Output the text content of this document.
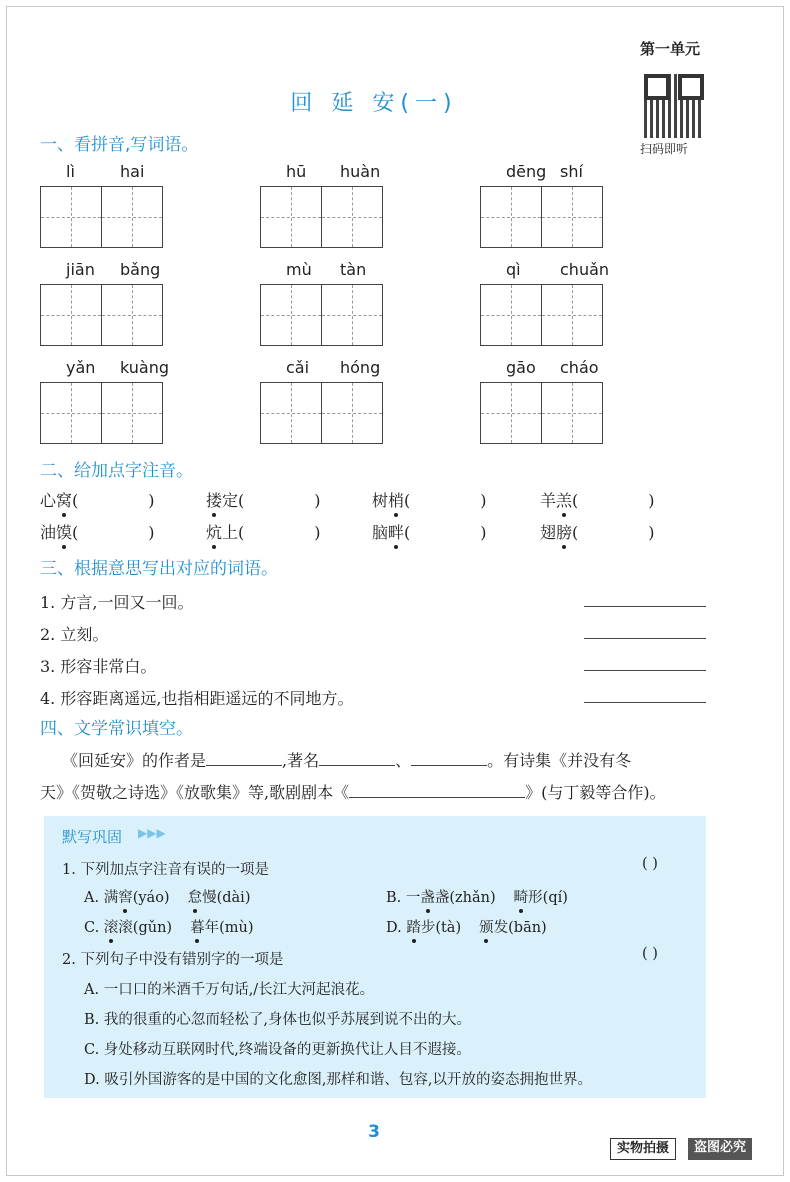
第一单元
扫码即听
回 延 安(一)
一、看拼音,写词语。
lì	hai	hū huàn	dēng shí
jiān bǎng	mù tàn	qì chuǎn
yǎn kuàng	cǎi hóng	gāo cháo
二、给加点字注音。
心窝(	)	搂定(	)	树梢(	)	羊羔(	)
油馍(	)	炕上(	)	脑畔(	)	翅膀(	)
三、根据意思写出对应的词语。
1. 方言,一回又一回。
2. 立刻。
3. 形容非常白。
4. 形容距离遥远,也指相距遥远的不同地方。
四、文学常识填空。
《回延安》的作者是	,著名	、	。有诗集《并没有冬
天》《贺敬之诗选》《放歌集》等,歌剧剧本《	》(与丁毅等合作)。
默写巩固 ▶▶▶
1. 下列加点字注音有误的一项是	( )
A. 满窖(yáo) 怠慢(dài)	B. 一盏盏(zhǎn) 畸形(qí)
C. 滚滚(gǔn) 暮年(mù)	D. 踏步(tà) 颁发(bān)
2. 下列句子中没有错别字的一项是	( )
A. 一口口的米酒千万句话,/长江大河起浪花。
B. 我的很重的心忽而轻松了,身体也似乎苏展到说不出的大。
C. 身处移动互联网时代,终端设备的更新换代让人目不遐接。
D. 吸引外国游客的是中国的文化愈图,那样和谐、包容,以开放的姿态拥抱世界。
3
实物拍摄	盗图必究
